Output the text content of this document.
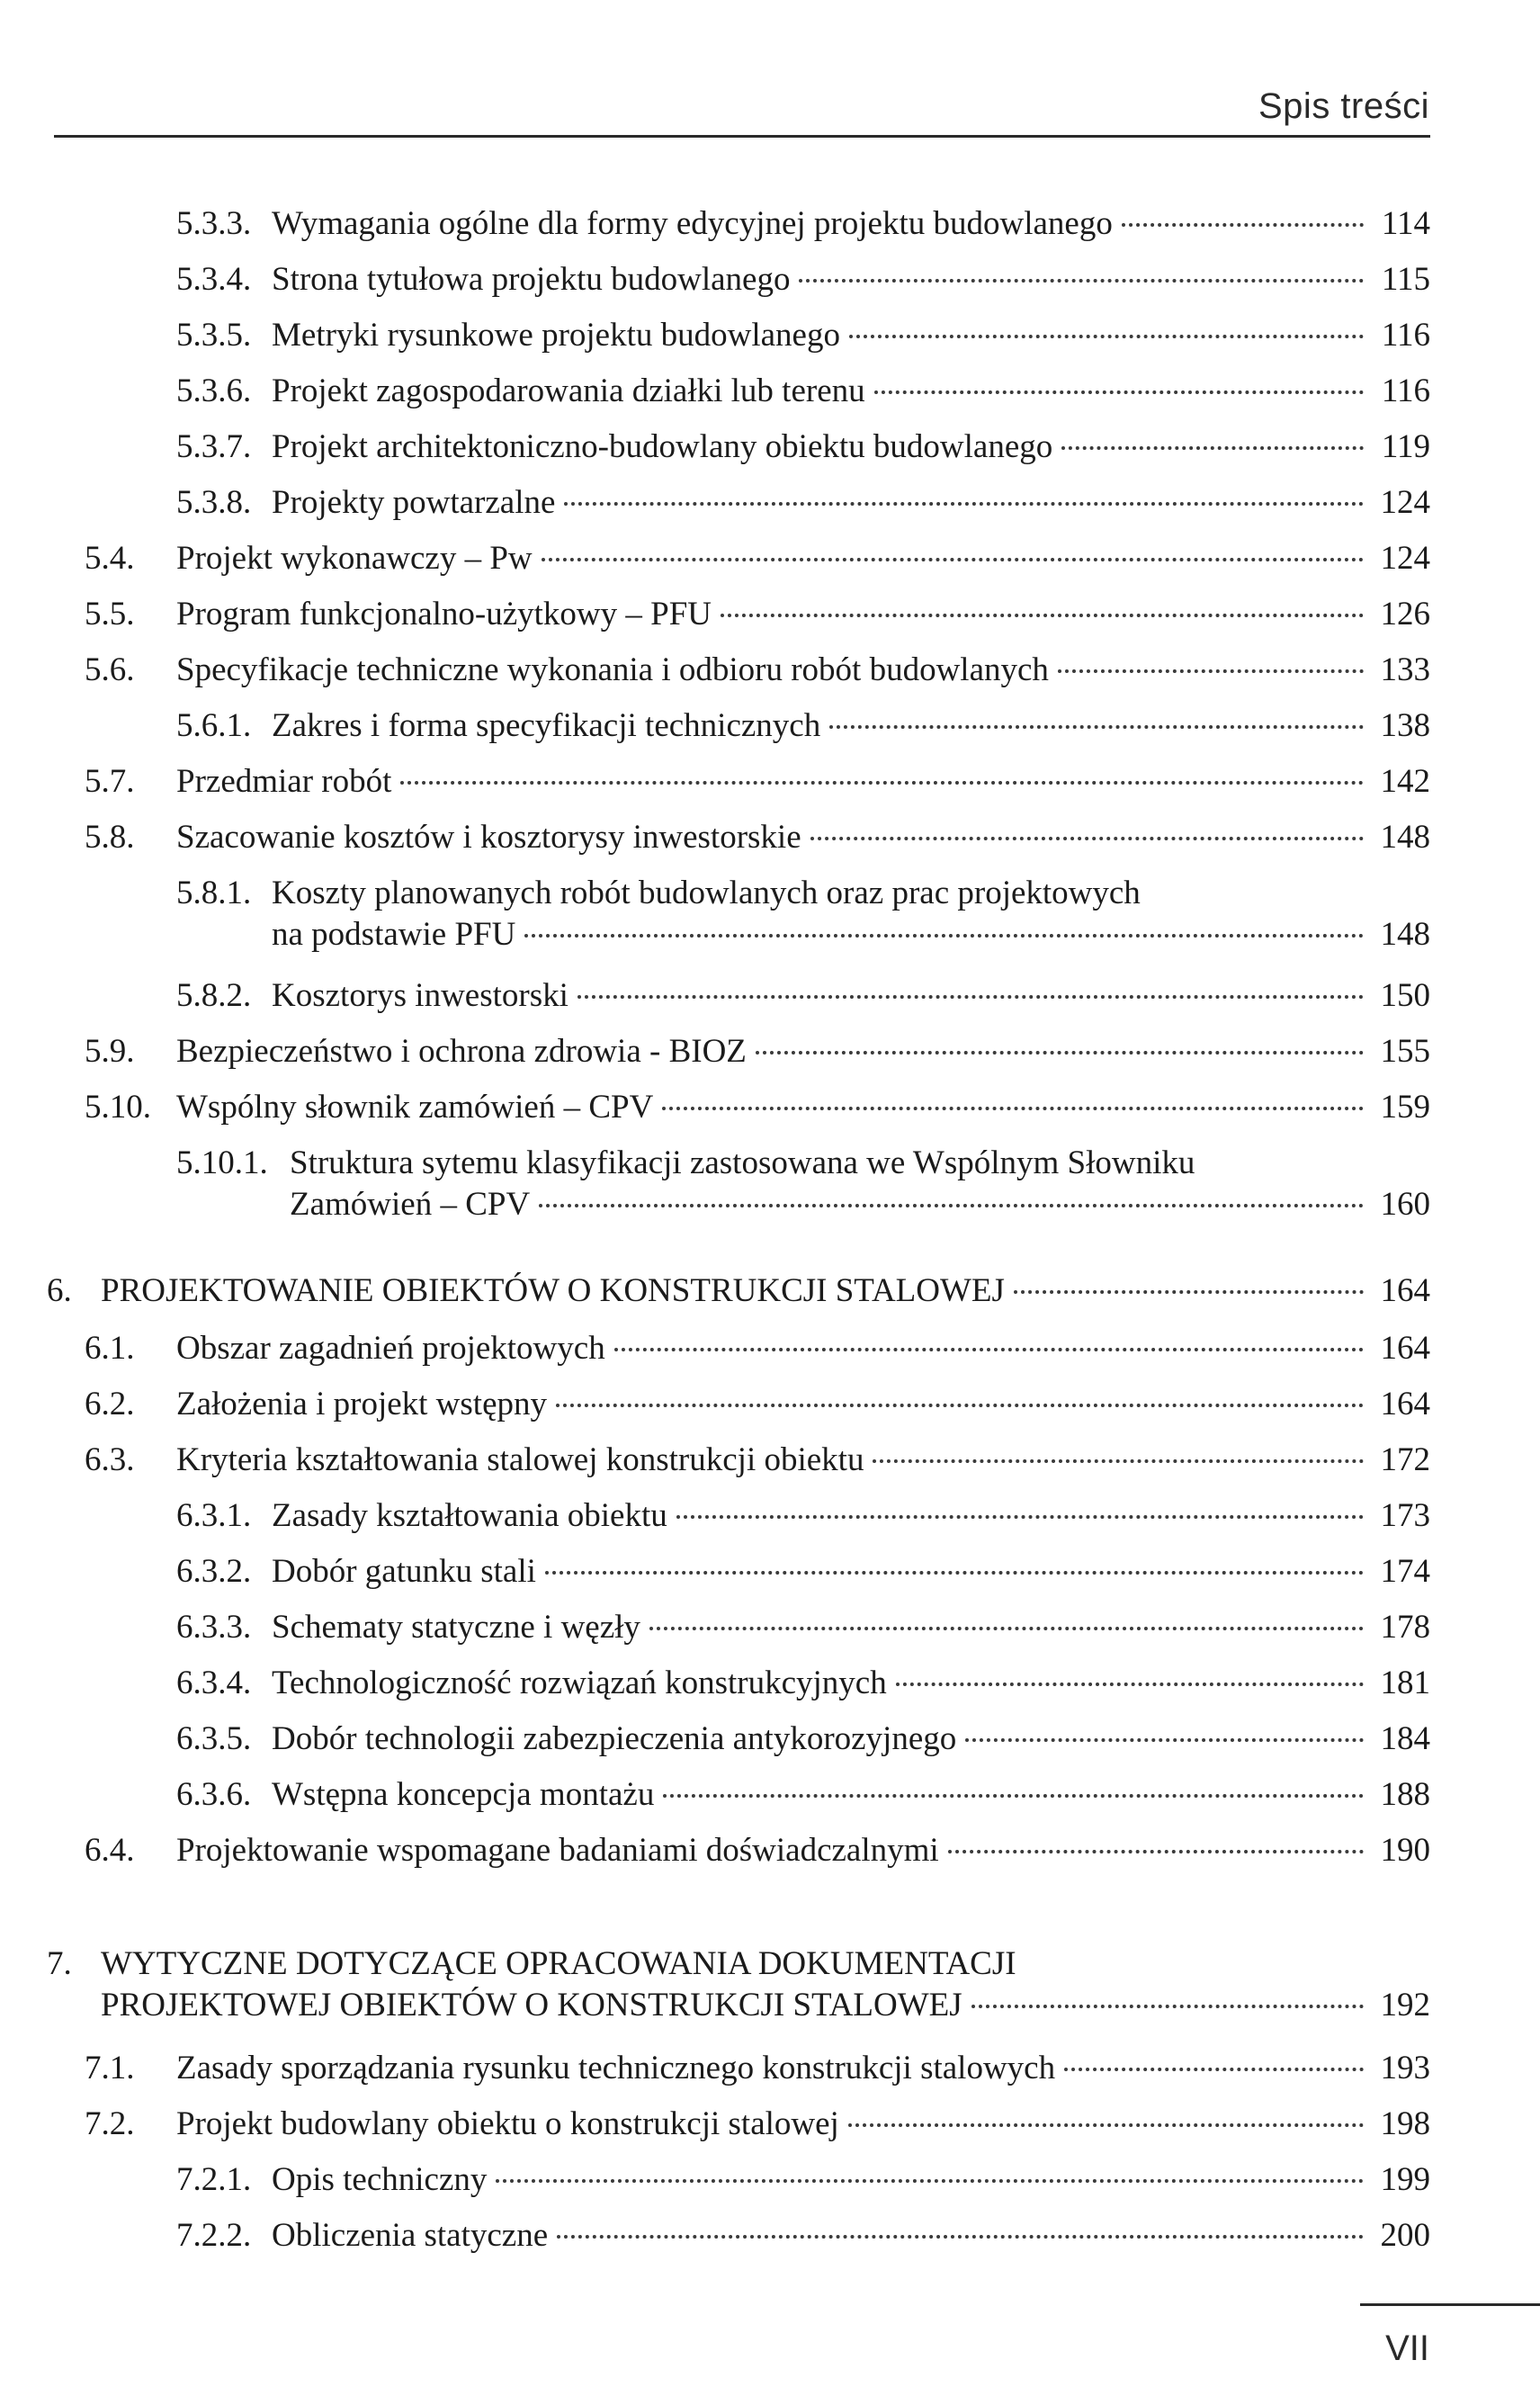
Spis treści
5.3.3. Wymagania ogólne dla formy edycyjnej projektu budowlanego	114
5.3.4. Strona tytułowa projektu budowlanego	115
5.3.5. Metryki rysunkowe projektu budowlanego	116
5.3.6. Projekt zagospodarowania działki lub terenu	116
5.3.7. Projekt architektoniczno-budowlany obiektu budowlanego	119
5.3.8. Projekty powtarzalne	124
5.4.	Projekt wykonawczy – Pw	124
5.5.	Program funkcjonalno-użytkowy – PFU	126
5.6.	Specyfikacje techniczne wykonania i odbioru robót budowlanych	133
5.6.1. Zakres i forma specyfikacji technicznych	138
5.7.	Przedmiar robót	142
5.8.	Szacowanie kosztów i kosztorysy inwestorskie	148
5.8.1. Koszty planowanych robót budowlanych oraz prac projektowych
na podstawie PFU	148
5.8.2. Kosztorys inwestorski	150
5.9.	Bezpieczeństwo i ochrona zdrowia - BIOZ	155
5.10. Wspólny słownik zamówień – CPV	159
5.10.1. Struktura sytemu klasyfikacji zastosowana we Wspólnym Słowniku
Zamówień – CPV	160
6. PROJEKTOWANIE OBIEKTÓW O KONSTRUKCJI STALOWEJ	164
6.1.	Obszar zagadnień projektowych	164
6.2.	Założenia i projekt wstępny	164
6.3.	Kryteria kształtowania stalowej konstrukcji obiektu	172
6.3.1. Zasady kształtowania obiektu	173
6.3.2. Dobór gatunku stali	174
6.3.3. Schematy statyczne i węzły	178
6.3.4. Technologiczność rozwiązań konstrukcyjnych	181
6.3.5. Dobór technologii zabezpieczenia antykorozyjnego	184
6.3.6. Wstępna koncepcja montażu	188
6.4.	Projektowanie wspomagane badaniami doświadczalnymi	190
7. WYTYCZNE DOTYCZĄCE OPRACOWANIA DOKUMENTACJI
PROJEKTOWEJ OBIEKTÓW O KONSTRUKCJI STALOWEJ	192
7.1.	Zasady sporządzania rysunku technicznego konstrukcji stalowych	193
7.2.	Projekt budowlany obiektu o konstrukcji stalowej	198
7.2.1. Opis techniczny	199
7.2.2. Obliczenia statyczne	200
VII
